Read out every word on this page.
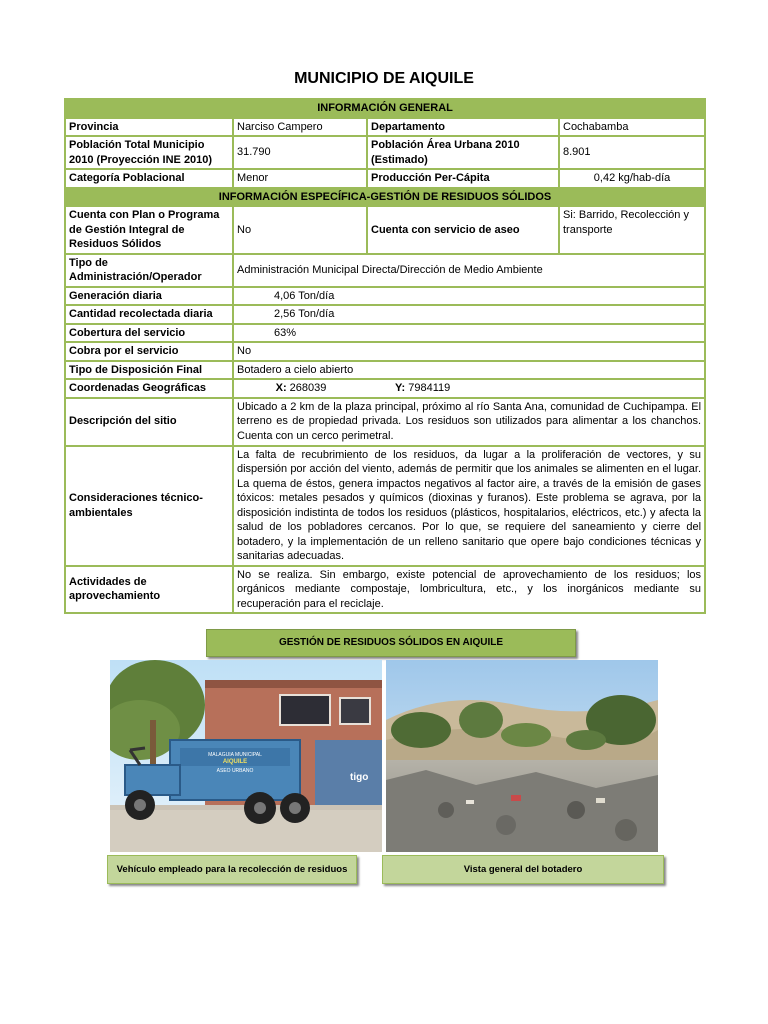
MUNICIPIO DE AIQUILE
INFORMACIÓN GENERAL			
Provincia	Narciso Campero	Departamento	Cochabamba
Población Total Municipio 2010 (Proyección INE 2010)	31.790	Población Área Urbana 2010 (Estimado)	8.901
Categoría Poblacional	Menor	Producción Per-Cápita	0,42 kg/hab-día
INFORMACIÓN ESPECÍFICA-GESTIÓN DE RESIDUOS SÓLIDOS			
Cuenta con Plan o Programa de Gestión Integral de Residuos Sólidos	No	Cuenta con servicio de aseo	Si: Barrido, Recolección y transporte
Tipo de Administración/Operador	Administración Municipal Directa/Dirección de Medio Ambiente		
Generación diaria	4,06 Ton/día		
Cantidad recolectada diaria	2,56 Ton/día		
Cobertura del servicio	63%		
Cobra por el servicio	No		
Tipo de Disposición Final	Botadero a cielo abierto		
Coordenadas Geográficas	X: 268039 Y: 7984119		

Descripción del sitio	Ubicado a 2 km de la plaza principal, próximo al río Santa Ana, comunidad de Cuchipampa. El terreno es de propiedad privada. Los residuos son utilizados para alimentar a los chanchos. Cuenta con un cerco perimetral.		
Consideraciones técnico-ambientales	La falta de recubrimiento de los residuos, da lugar a la proliferación de vectores, y su dispersión por acción del viento, además de permitir que los animales se alimenten en el lugar. La quema de éstos, genera impactos negativos al factor aire, a través de la emisión de gases tóxicos: metales pesados y químicos (dioxinas y furanos). Este problema se agrava, por la disposición indistinta de todos los residuos (plásticos, hospitalarios, eléctricos, etc.) y afecta la salud de los pobladores cercanos. Por lo que, se requiere del saneamiento y cierre del botadero, y la implementación de un relleno sanitario que opere bajo condiciones técnicas y sanitarias adecuadas.		
Actividades de aprovechamiento	No se realiza. Sin embargo, existe potencial de aprovechamiento de los residuos; los orgánicos mediante compostaje, lombricultura, etc., y los inorgánicos mediante su recuperación para el reciclaje.		
GESTIÓN DE RESIDUOS SÓLIDOS EN AIQUILE
tigo
MALAGUIA MUNICIPAL
AIQUILE
ASEO URBANO
Vehículo empleado para la recolección de residuos	Vista general del botadero
